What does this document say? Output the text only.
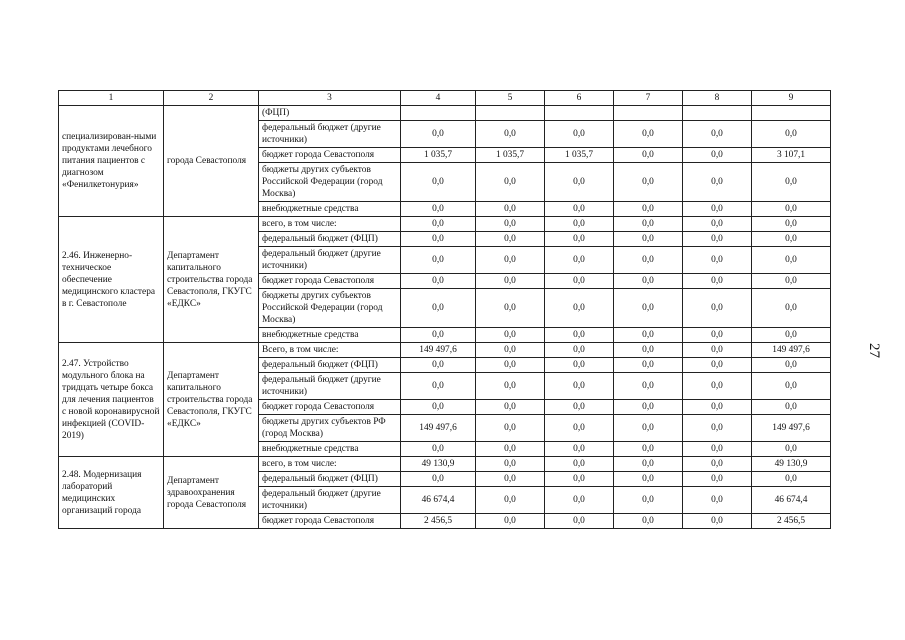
1	2	3	4	5	6	7	8	9
специализирован-ными продуктами лечебного питания пациентов с диагнозом «Фенилкетонурия»	города Севастополя	(ФЦП)						
		федеральный бюджет (другие источники)	0,0	0,0	0,0	0,0	0,0	0,0
		бюджет города Севастополя	1 035,7	1 035,7	1 035,7	0,0	0,0	3 107,1
		бюджеты других субъектов Российской Федерации (город Москва)	0,0	0,0	0,0	0,0	0,0	0,0
		внебюджетные средства	0,0	0,0	0,0	0,0	0,0	0,0
2.46. Инженерно-техническое обеспечение медицинского кластера в г. Севастополе	Департамент капитального строительства города Севастополя, ГКУГС «ЕДКС»	всего, в том числе:	0,0	0,0	0,0	0,0	0,0	0,0
		федеральный бюджет (ФЦП)	0,0	0,0	0,0	0,0	0,0	0,0
		федеральный бюджет (другие источники)	0,0	0,0	0,0	0,0	0,0	0,0
		бюджет города Севастополя	0,0	0,0	0,0	0,0	0,0	0,0
		бюджеты других субъектов Российской Федерации (город Москва)	0,0	0,0	0,0	0,0	0,0	0,0
		внебюджетные средства	0,0	0,0	0,0	0,0	0,0	0,0
2.47. Устройство модульного блока на тридцать четыре бокса для лечения пациентов с новой коронавирусной инфекцией (COVID-2019)	Департамент капитального строительства города Севастополя, ГКУГС «ЕДКС»	Всего, в том числе:	149 497,6	0,0	0,0	0,0	0,0	149 497,6
		федеральный бюджет (ФЦП)	0,0	0,0	0,0	0,0	0,0	0,0
		федеральный бюджет (другие источники)	0,0	0,0	0,0	0,0	0,0	0,0
		бюджет города Севастополя	0,0	0,0	0,0	0,0	0,0	0,0
		бюджеты других субъектов РФ (город Москва)	149 497,6	0,0	0,0	0,0	0,0	149 497,6
		внебюджетные средства	0,0	0,0	0,0	0,0	0,0	0,0
2.48. Модернизация лабораторий медицинских организаций города	Департамент здравоохранения города Севастополя	всего, в том числе:	49 130,9	0,0	0,0	0,0	0,0	49 130,9
		федеральный бюджет (ФЦП)	0,0	0,0	0,0	0,0	0,0	0,0
		федеральный бюджет (другие источники)	46 674,4	0,0	0,0	0,0	0,0	46 674,4
		бюджет города Севастополя	2 456,5	0,0	0,0	0,0	0,0	2 456,5
27
